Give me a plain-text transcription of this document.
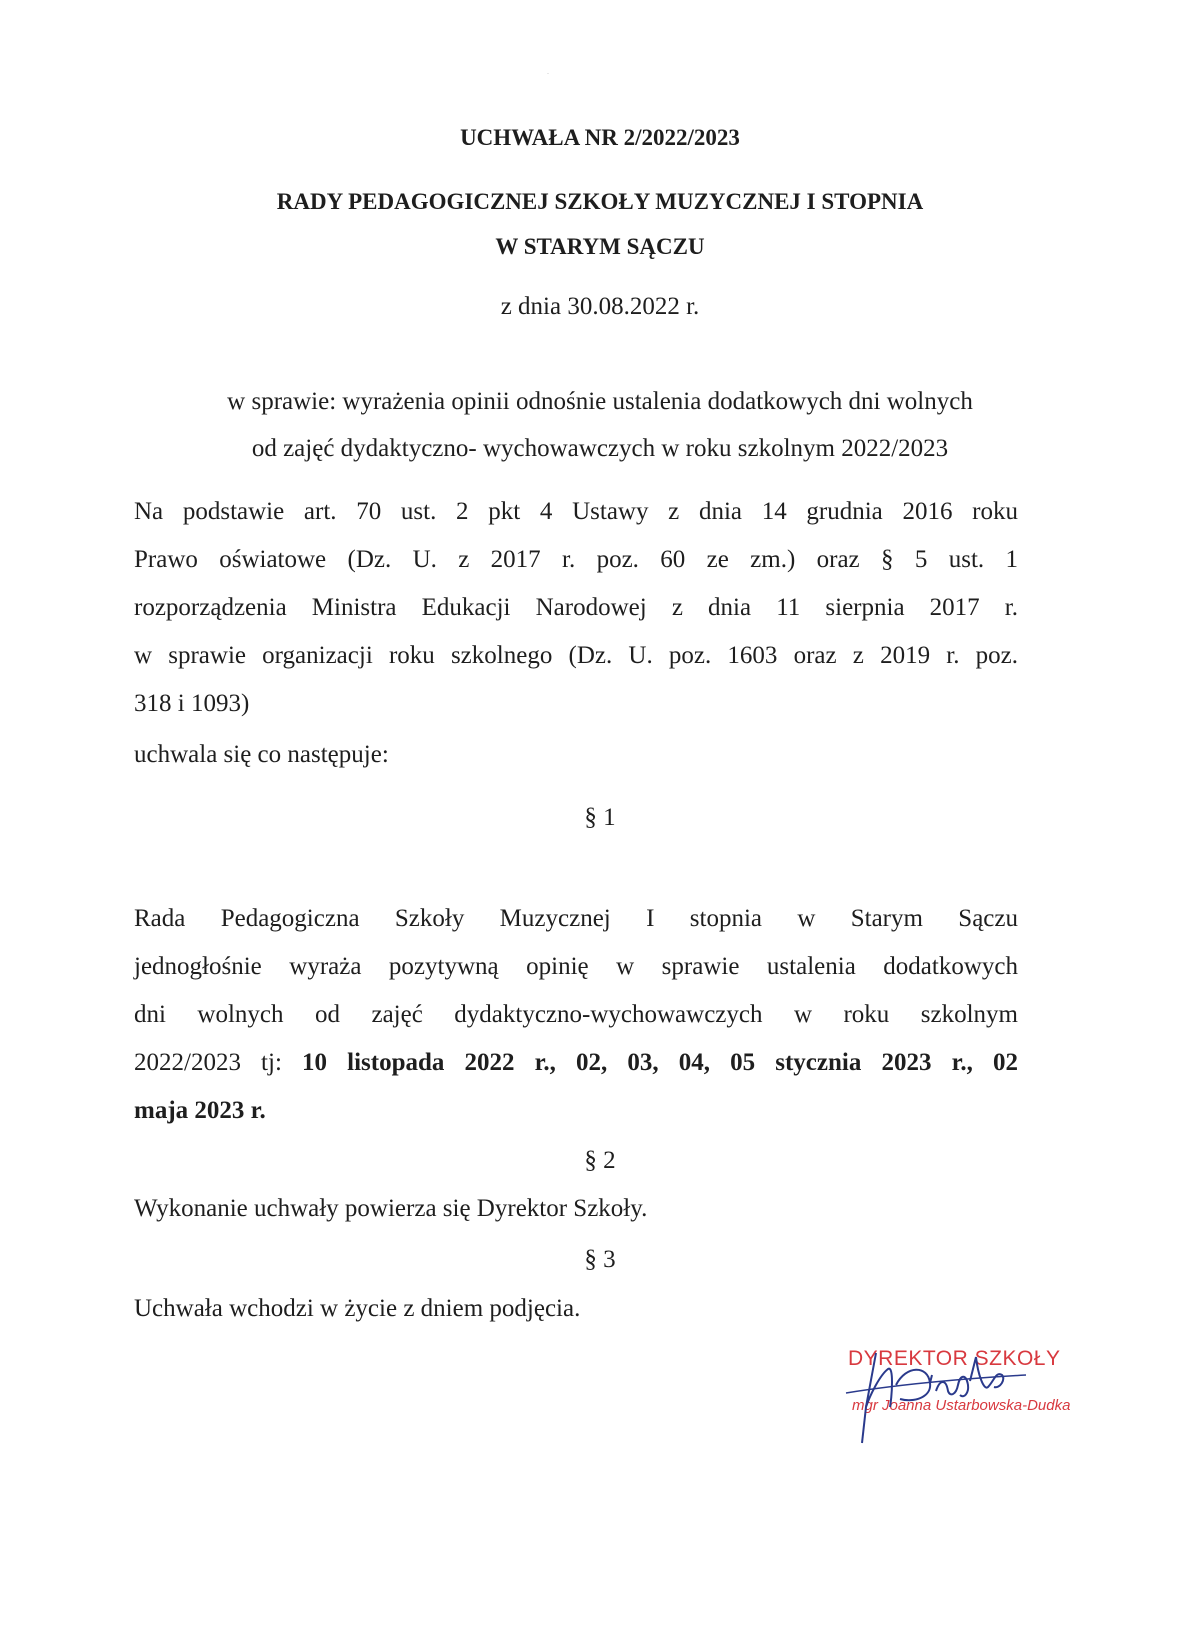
UCHWAŁA NR 2/2022/2023
RADY PEDAGOGICZNEJ SZKOŁY MUZYCZNEJ I STOPNIA
W STARYM SĄCZU
z dnia 30.08.2022 r.
w sprawie: wyrażenia opinii odnośnie ustalenia dodatkowych dni wolnych
od zajęć dydaktyczno- wychowawczych w roku szkolnym 2022/2023
Na podstawie art. 70 ust. 2 pkt 4 Ustawy z dnia 14 grudnia 2016 roku
Prawo oświatowe (Dz. U. z 2017 r. poz. 60 ze zm.) oraz § 5 ust. 1
rozporządzenia Ministra Edukacji Narodowej z dnia 11 sierpnia 2017 r.
w sprawie organizacji roku szkolnego (Dz. U. poz. 1603 oraz z 2019 r. poz.
318 i 1093)
uchwala się co następuje:
§ 1
Rada Pedagogiczna Szkoły Muzycznej I stopnia w Starym Sączu
jednogłośnie wyraża pozytywną opinię w sprawie ustalenia dodatkowych
dni wolnych od zajęć dydaktyczno-wychowawczych w roku szkolnym
2022/2023 tj: 10 listopada 2022 r., 02, 03, 04, 05 stycznia 2023 r., 02
maja 2023 r.
§ 2
Wykonanie uchwały powierza się Dyrektor Szkoły.
§ 3
Uchwała wchodzi w życie z dniem podjęcia.
DYREKTOR SZKOŁY
mgr Joanna Ustarbowska-Dudka
